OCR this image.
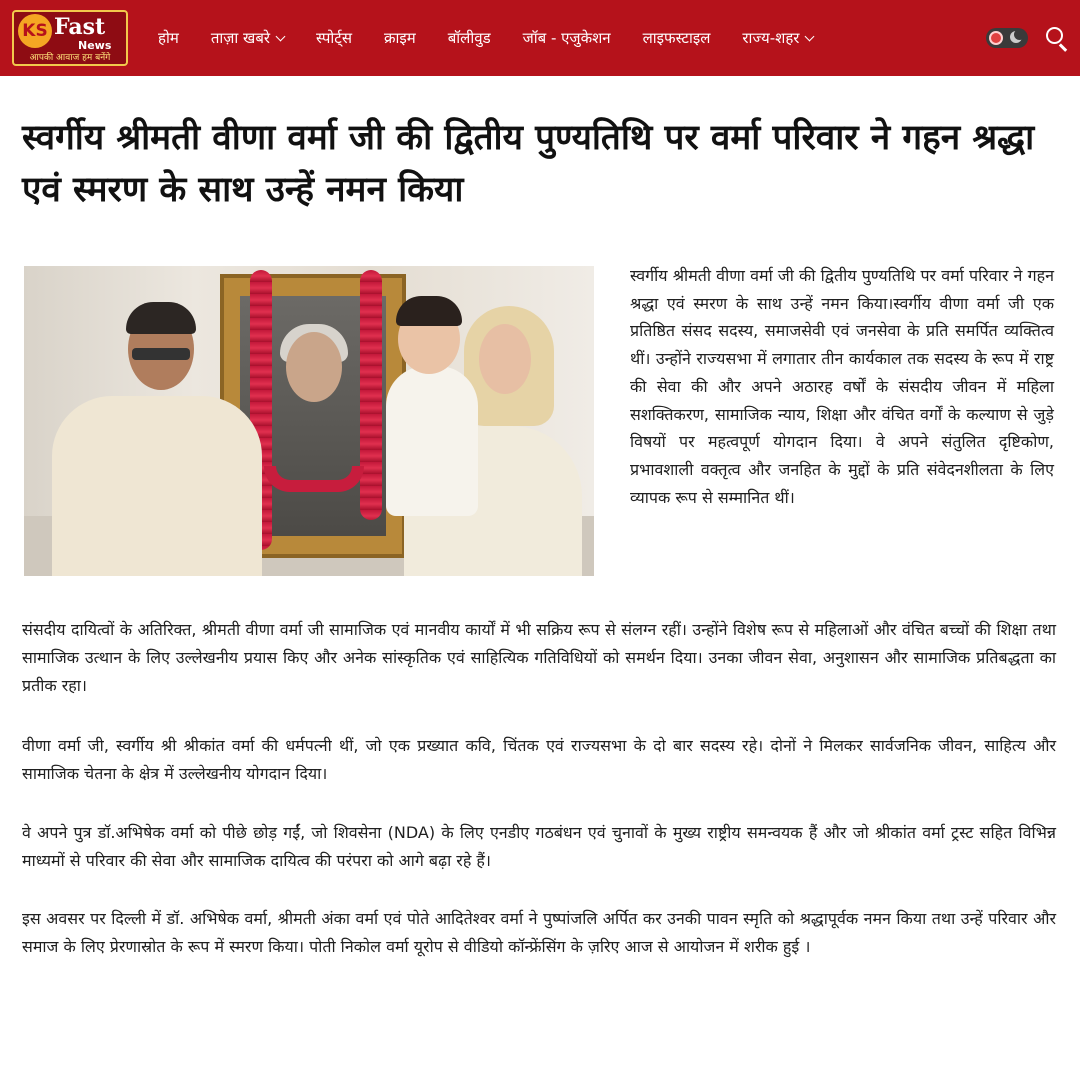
KS Fast
News
आपकी आवाज हम बनेंगे
होम ताज़ा खबरे	स्पोर्ट्स क्राइम बॉलीवुड जॉब - एजुकेशन लाइफस्टाइल राज्य-शहर
स्वर्गीय श्रीमती वीणा वर्मा जी की द्वितीय पुण्यतिथि पर वर्मा परिवार ने गहन श्रद्धा एवं स्मरण के साथ उन्हें नमन किया

स्वर्गीय श्रीमती वीणा वर्मा जी की द्वितीय पुण्यतिथि पर वर्मा परिवार ने गहन श्रद्धा एवं स्मरण के साथ उन्हें नमन किया।स्वर्गीय वीणा वर्मा जी एक प्रतिष्ठित संसद सदस्य, समाजसेवी एवं जनसेवा के प्रति समर्पित व्यक्तित्व थीं। उन्होंने राज्यसभा में लगातार तीन कार्यकाल तक सदस्य के रूप में राष्ट्र की सेवा की और अपने अठारह वर्षों के संसदीय जीवन में महिला सशक्तिकरण, सामाजिक न्याय, शिक्षा और वंचित वर्गों के कल्याण से जुड़े विषयों पर महत्वपूर्ण योगदान दिया। वे अपने संतुलित दृष्टिकोण, प्रभावशाली वक्तृत्व और जनहित के मुद्दों के प्रति संवेदनशीलता के लिए व्यापक रूप से सम्मानित थीं।

संसदीय दायित्वों के अतिरिक्त, श्रीमती वीणा वर्मा जी सामाजिक एवं मानवीय कार्यों में भी सक्रिय रूप से संलग्न रहीं। उन्होंने विशेष रूप से महिलाओं और वंचित बच्चों की शिक्षा तथा सामाजिक उत्थान के लिए उल्लेखनीय प्रयास किए और अनेक सांस्कृतिक एवं साहित्यिक गतिविधियों को समर्थन दिया। उनका जीवन सेवा, अनुशासन और सामाजिक प्रतिबद्धता का प्रतीक रहा।

वीणा वर्मा जी, स्वर्गीय श्री श्रीकांत वर्मा की धर्मपत्नी थीं, जो एक प्रख्यात कवि, चिंतक एवं राज्यसभा के दो बार सदस्य रहे। दोनों ने मिलकर सार्वजनिक जीवन, साहित्य और सामाजिक चेतना के क्षेत्र में उल्लेखनीय योगदान दिया।

वे अपने पुत्र डॉ.अभिषेक वर्मा को पीछे छोड़ गईं, जो शिवसेना (NDA) के लिए एनडीए गठबंधन एवं चुनावों के मुख्य राष्ट्रीय समन्वयक हैं और जो श्रीकांत वर्मा ट्रस्ट सहित विभिन्न माध्यमों से परिवार की सेवा और सामाजिक दायित्व की परंपरा को आगे बढ़ा रहे हैं।

इस अवसर पर दिल्ली में डॉ. अभिषेक वर्मा, श्रीमती अंका वर्मा एवं पोते आदितेश्वर वर्मा ने पुष्पांजलि अर्पित कर उनकी पावन स्मृति को श्रद्धापूर्वक नमन किया तथा उन्हें परिवार और समाज के लिए प्रेरणास्रोत के रूप में स्मरण किया। पोती निकोल वर्मा यूरोप से वीडियो कॉन्फ्रेंसिंग के ज़रिए आज से आयोजन में शरीक हुई ।
